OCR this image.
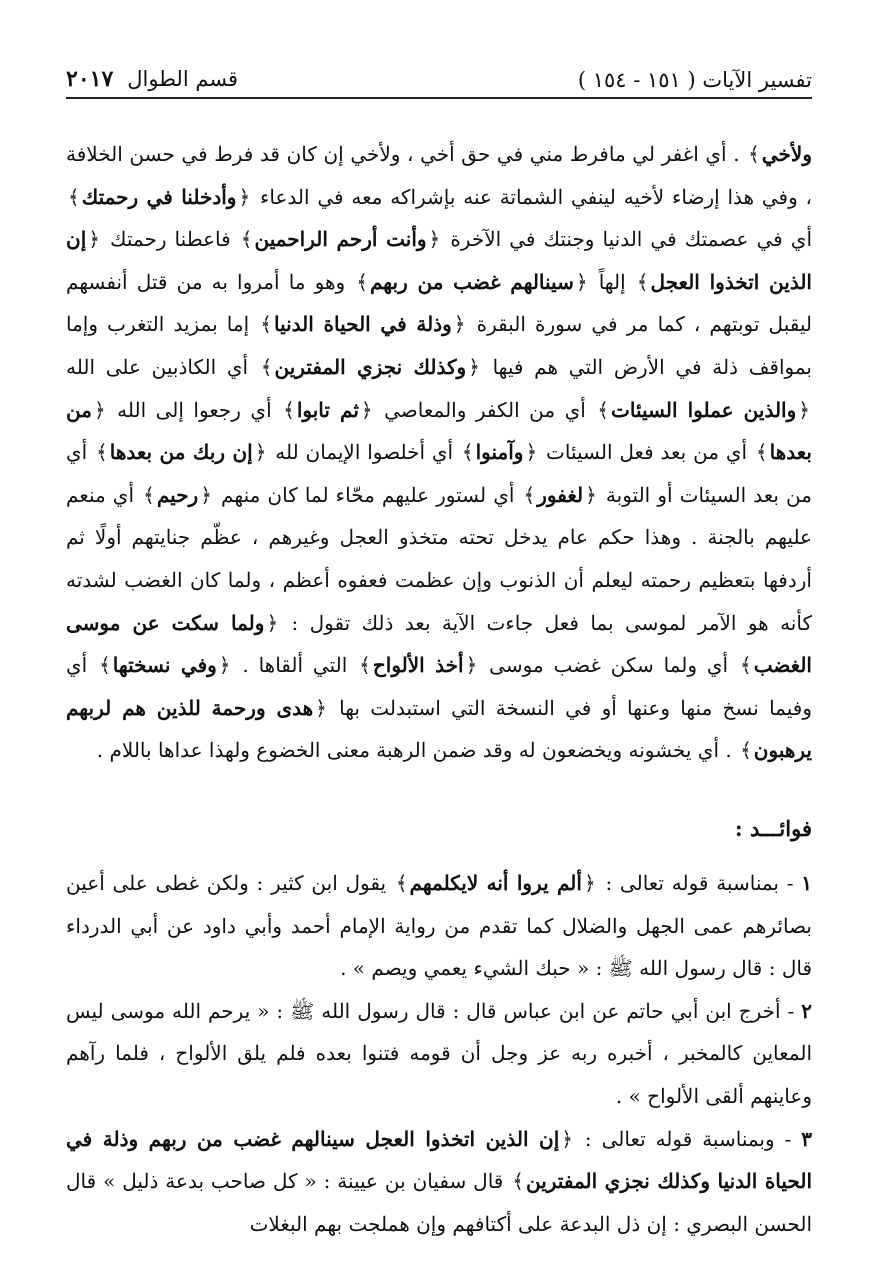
تفسير الآيات ( ١٥١ - ١٥٤ )
قسم الطوال
٢٠١٧

ولأخي﴾ . أي اغفر لي مافرط مني في حق أخي ، ولأخي إن كان قد فرط في حسن الخلافة ، وفي هذا إرضاء لأخيه لينفي الشماتة عنه بإشراكه معه في الدعاء ﴿وأدخلنا في رحمتك﴾ أي في عصمتك في الدنيا وجنتك في الآخرة ﴿وأنت أرحم الراحمين﴾ فاعطنا رحمتك ﴿إن الذين اتخذوا العجل﴾ إلهاً ﴿سينالهم غضب من ربهم﴾ وهو ما أمروا به من قتل أنفسهم ليقبل توبتهم ، كما مر في سورة البقرة ﴿وذلة في الحياة الدنيا﴾ إما بمزيد التغرب وإما بمواقف ذلة في الأرض التي هم فيها ﴿وكذلك نجزي المفترين﴾ أي الكاذبين على الله ﴿والذين عملوا السيئات﴾ أي من الكفر والمعاصي ﴿ثم تابوا﴾ أي رجعوا إلى الله ﴿من بعدها﴾ أي من بعد فعل السيئات ﴿وآمنوا﴾ أي أخلصوا الإيمان لله ﴿إن ربك من بعدها﴾ أي من بعد السيئات أو التوبة ﴿لغفور﴾ أي لستور عليهم محّاء لما كان منهم ﴿رحيم﴾ أي منعم عليهم بالجنة . وهذا حكم عام يدخل تحته متخذو العجل وغيرهم ، عظّم جنايتهم أولًا ثم أردفها بتعظيم رحمته ليعلم أن الذنوب وإن عظمت فعفوه أعظم ، ولما كان الغضب لشدته كأنه هو الآمر لموسى بما فعل جاءت الآية بعد ذلك تقول : ﴿ولما سكت عن موسى الغضب﴾ أي ولما سكن غضب موسى ﴿أخذ الألواح﴾ التي ألقاها . ﴿وفي نسختها﴾ أي وفيما نسخ منها وعنها أو في النسخة التي استبدلت بها ﴿هدى ورحمة للذين هم لربهم يرهبون﴾ . أي يخشونه ويخضعون له وقد ضمن الرهبة معنى الخضوع ولهذا عداها باللام .

فوائـــد :

١ - بمناسبة قوله تعالى : ﴿ألم يروا أنه لايكلمهم﴾ يقول ابن كثير : ولكن غطى على أعين بصائرهم عمى الجهل والضلال كما تقدم من رواية الإمام أحمد وأبي داود عن أبي الدرداء قال : قال رسول الله ﷺ : « حبك الشيء يعمي ويصم » .

٢ - أخرج ابن أبي حاتم عن ابن عباس قال : قال رسول الله ﷺ : « يرحم الله موسى ليس المعاين كالمخبر ، أخبره ربه عز وجل أن قومه فتنوا بعده فلم يلق الألواح ، فلما رآهم وعاينهم ألقى الألواح » .

٣ - وبمناسبة قوله تعالى : ﴿إن الذين اتخذوا العجل سينالهم غضب من ربهم وذلة في الحياة الدنيا وكذلك نجزي المفترين﴾ قال سفيان بن عيينة : « كل صاحب بدعة ذليل » قال الحسن البصري : إن ذل البدعة على أكتافهم وإن هملجت بهم البغلات
